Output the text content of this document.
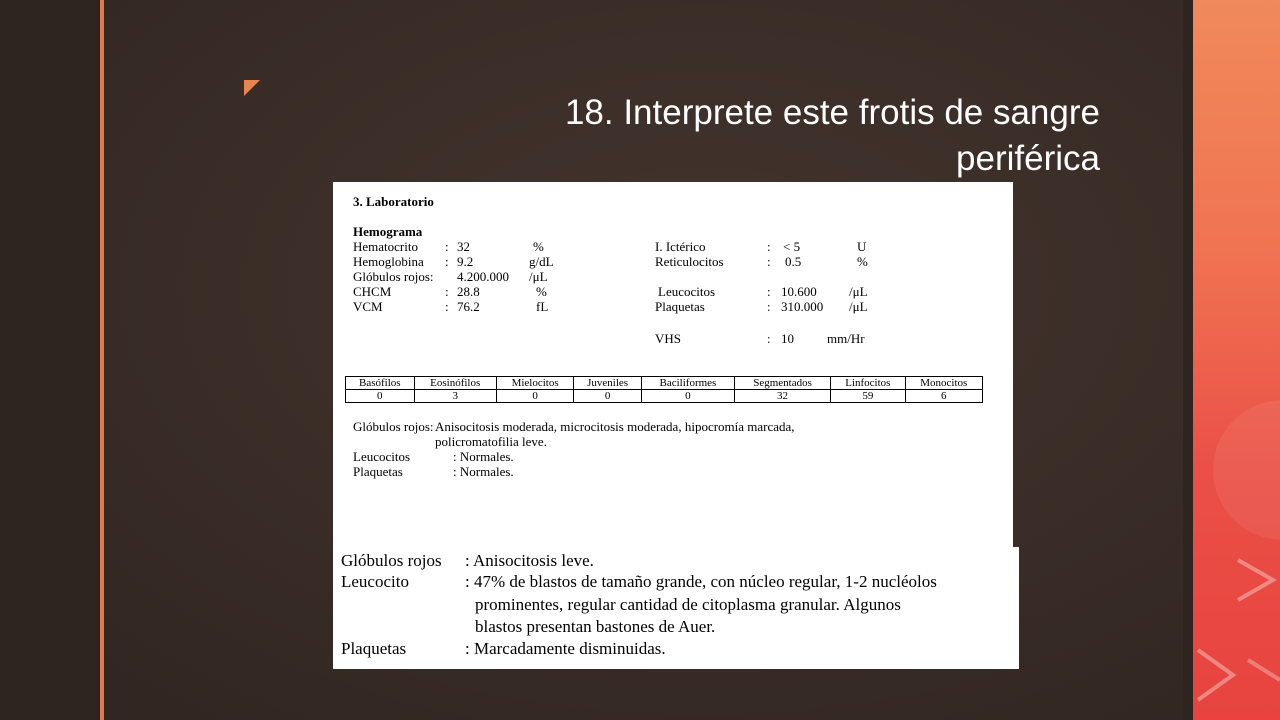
18. Interprete este frotis de sangre
periférica
3. Laboratorio
Hemograma
Hematocrito : 32	%
Hemoglobina : 9.2	g/dL
Glóbulos rojos: 4.200.000 /μL
CHCM	: 28.8	%
VCM	: 76.2	fL
I. Ictérico	: < 5	U
Reticulocitos	: 0.5	%
Leucocitos	: 10.600 /μL
Plaquetas	: 310.000 /μL
VHS	: 10	mm/Hr
Basófilos	Eosinófilos	Mielocitos	Juveniles	Baciliformes	Segmentados	Linfocitos	Monocitos
0	3	0	0	0	32	59	6
Glóbulos rojos: Anisocitosis moderada, microcitosis moderada, hipocromía marcada,
policromatofilia leve.
Leucocitos	: Normales.
Plaquetas	: Normales.
Glóbulos rojos : Anisocitosis leve.
Leucocito	: 47% de blastos de tamaño grande, con núcleo regular, 1-2 nucléolos
prominentes, regular cantidad de citoplasma granular. Algunos
blastos presentan bastones de Auer.
Plaquetas	: Marcadamente disminuidas.
